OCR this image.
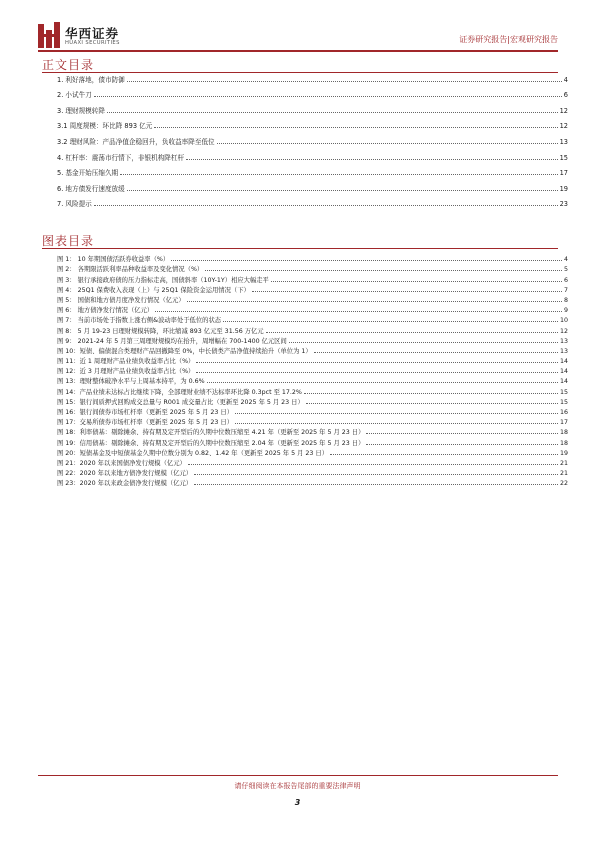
华西证券
HUAXI SECURITIES	证券研究报告|宏观研究报告
正文目录
1. 利好落地，债市防御	4
2. 小试牛刀	6
3. 理财规模转降	12
3.1 周度规模：环比降 893 亿元	12
3.2 理财风险：产品净值企稳回升，负收益率降至低位	13
4. 杠杆率：震荡市行情下，非银机构降杠杆	15
5. 基金开始压缩久期	17
6. 地方债发行速度放缓	19
7. 风险提示	23
图表目录
图 1： 10 年期国债活跃券收益率（%）	4
图 2： 各期限活跃利率品种收益率及变化情况（%）	5
图 3： 银行承接政府债的压力指标走高，国债斜率（10Y-1Y）相应大幅走平	6
图 4： 25Q1 保费收入表现（上）与 25Q1 保险资金运用情况（下）	7
图 5： 国债和地方债月度净发行情况（亿元）	8
图 6： 地方债净发行情况（亿元）	9
图 7： 当前市场处于指数上涨右侧&波动率处于低位的状态	10
图 8： 5 月 19-23 日理财规模转降，环比缩减 893 亿元至 31.56 万亿元	12
图 9： 2021-24 年 5 月第三周理财规模均在抬升，周增幅在 700-1400 亿元区间	13
图 10：短债、偏债混合类理财产品回撤降至 0%，中长债类产品净值持续抬升（单位为 1）	13
图 11：近 1 周理财产品业绩负收益率占比（%）	14
图 12：近 3 月理财产品业绩负收益率占比（%）	14
图 13：理财整体破净水平与上周基本持平，为 0.6%	14
图 14：产品业绩未达标占比继续下降，全部理财业绩不达标率环比降 0.3pct 至 17.2%	15
图 15：银行间质押式回购成交总量与 R001 成交量占比（更新至 2025 年 5 月 23 日）	15
图 16：银行间债券市场杠杆率（更新至 2025 年 5 月 23 日）	16
图 17：交易所债券市场杠杆率（更新至 2025 年 5 月 23 日）	17
图 18：利率债基：剔除摊余、持有期及定开型后的久期中位数压缩至 4.21 年（更新至 2025 年 5 月 23 日）	18
图 19：信用债基：剔除摊余、持有期及定开型后的久期中位数压缩至 2.04 年（更新至 2025 年 5 月 23 日）	18
图 20：短债基金及中短债基金久期中位数分别为 0.82、1.42 年（更新至 2025 年 5 月 23 日）	19
图 21：2020 年以来国债净发行规模（亿元）	21
图 22：2020 年以来地方债净发行规模（亿元）	21
图 23：2020 年以来政金债净发行规模（亿元）	22
请仔细阅读在本报告尾部的重要法律声明
3
